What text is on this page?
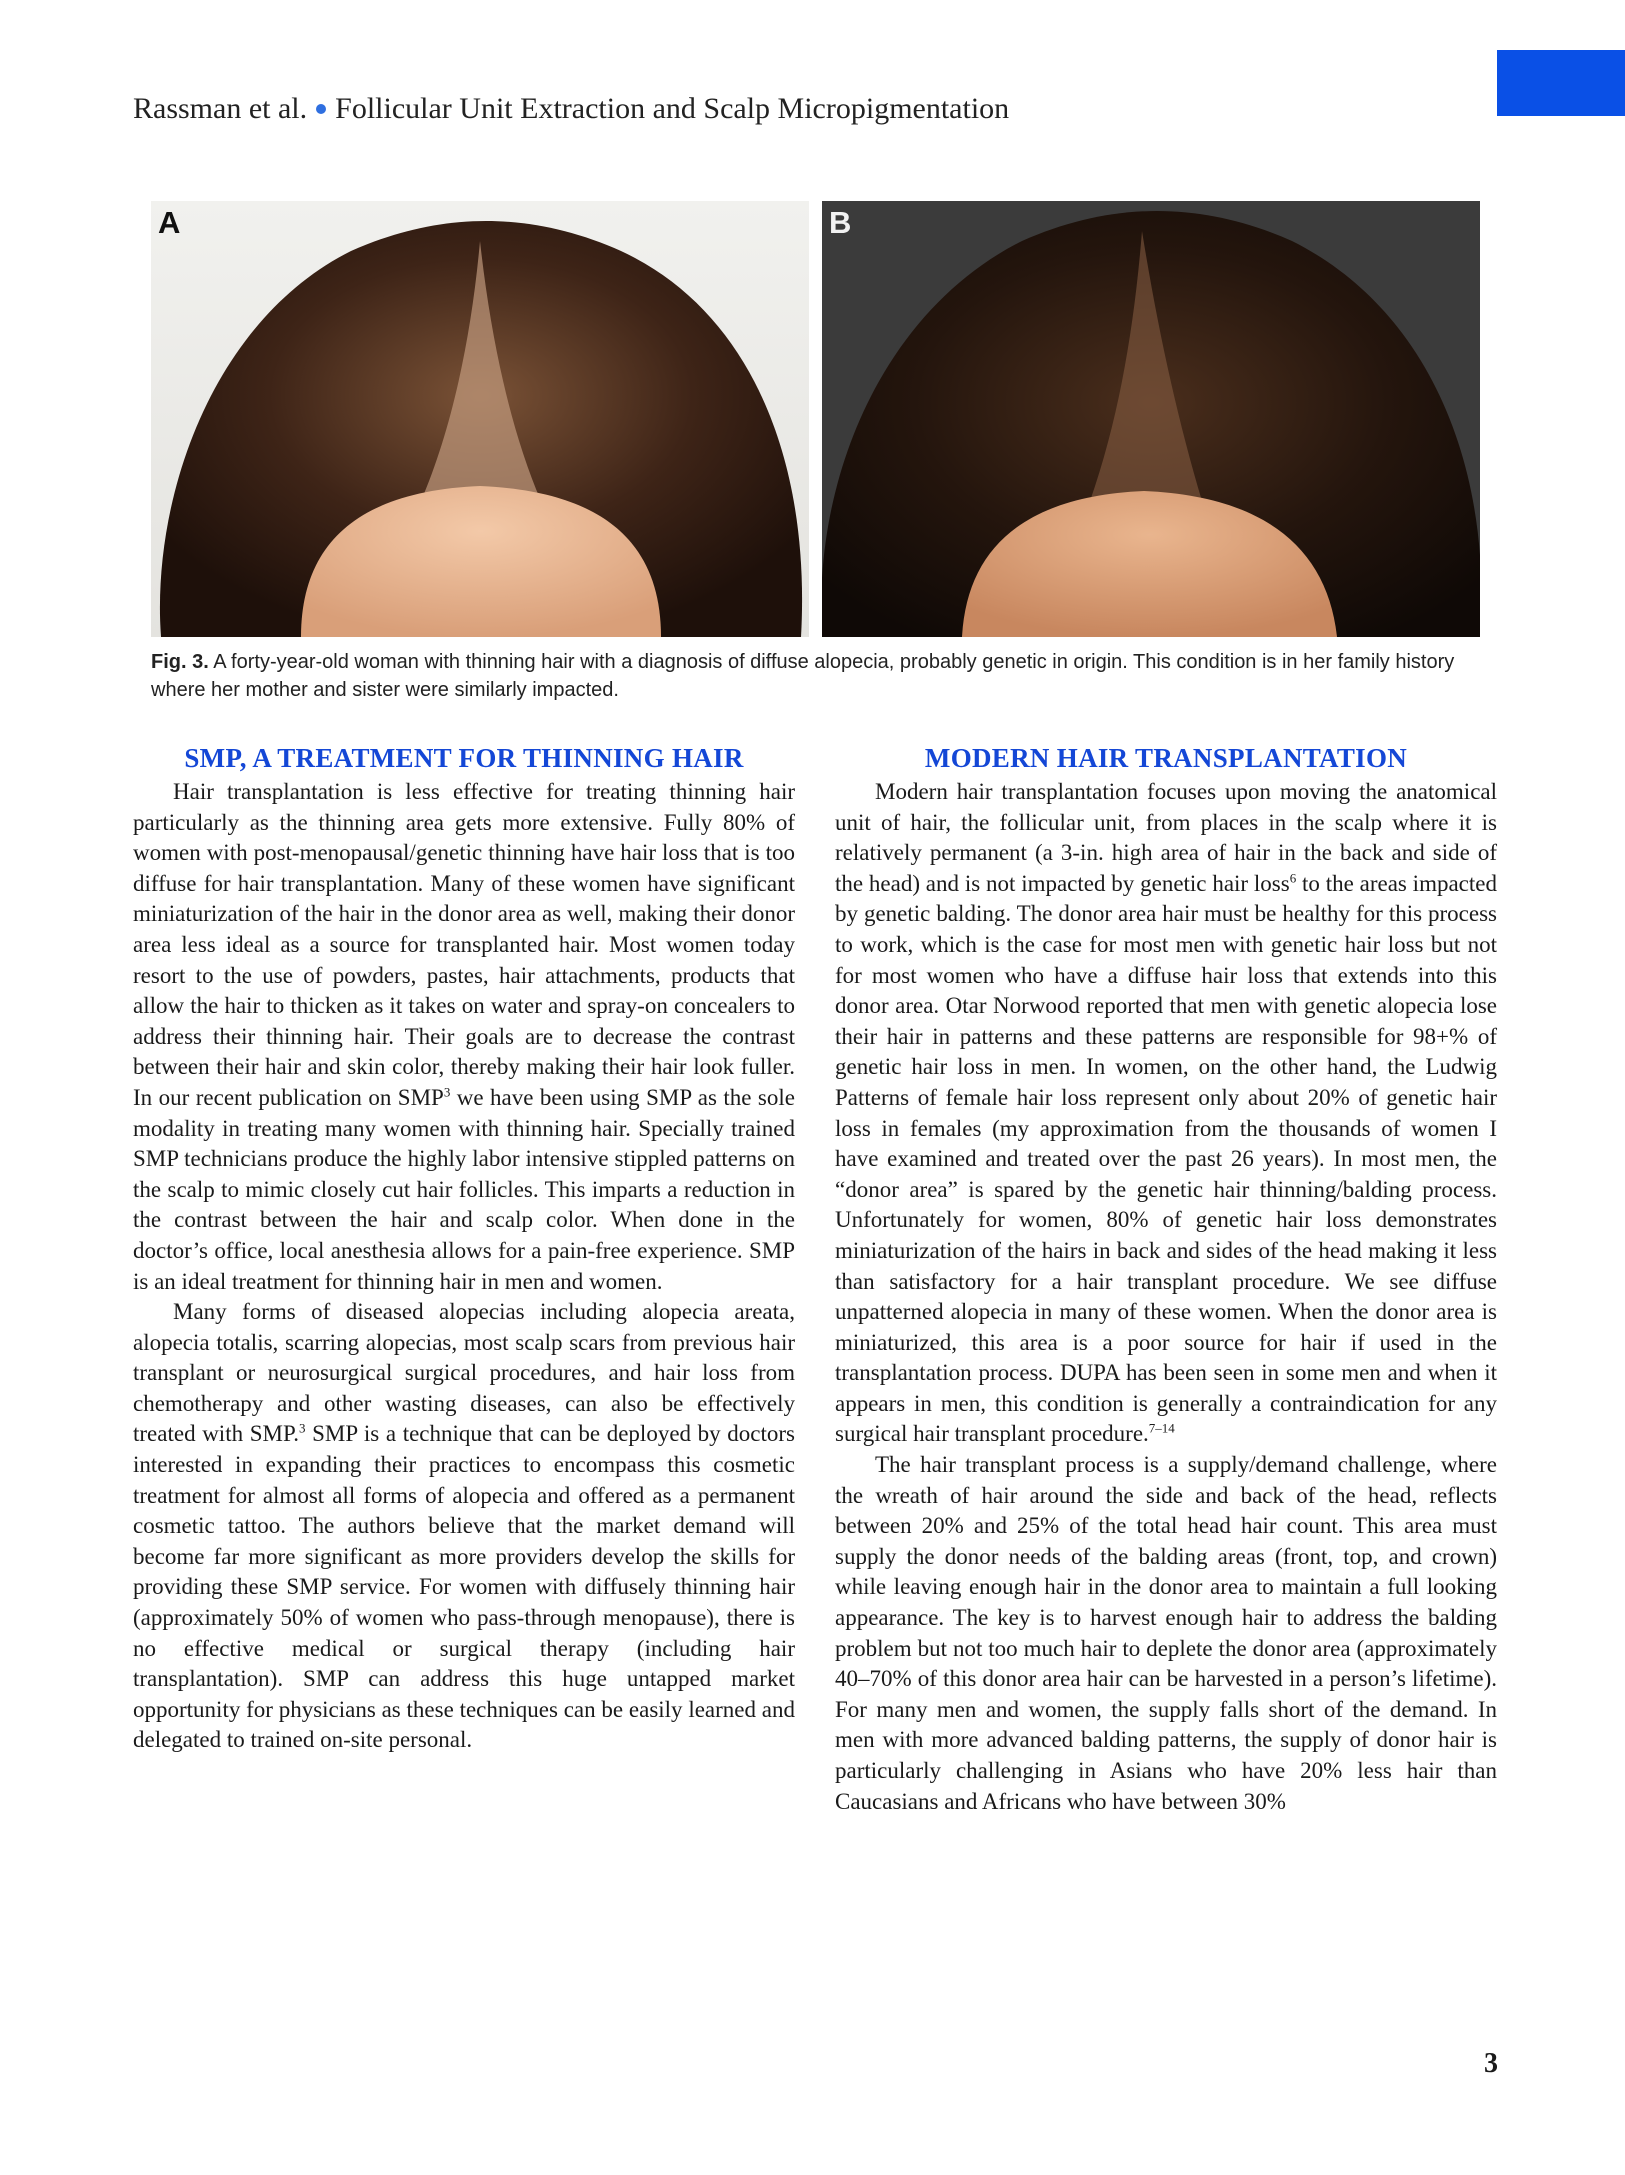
Rassman et al. Follicular Unit Extraction and Scalp Micropigmentation
A	B
Fig. 3. A forty-year-old woman with thinning hair with a diagnosis of diffuse alopecia, probably genetic in origin. This condition is in her family history where her mother and sister were similarly impacted.
SMP, A TREATMENT FOR THINNING HAIR

Hair transplantation is less effective for treating thinning hair particularly as the thinning area gets more extensive. Fully 80% of women with post-menopausal/genetic thinning have hair loss that is too diffuse for hair transplantation. Many of these women have significant miniaturization of the hair in the donor area as well, making their donor area less ideal as a source for transplanted hair. Most women today resort to the use of powders, pastes, hair attachments, products that allow the hair to thicken as it takes on water and spray-on concealers to address their thinning hair. Their goals are to decrease the contrast between their hair and skin color, thereby making their hair look fuller. In our recent publication on SMP$^3$ we have been using SMP as the sole modality in treating many women with thinning hair. Specially trained SMP technicians produce the highly labor intensive stippled patterns on the scalp to mimic closely cut hair follicles. This imparts a reduction in the contrast between the hair and scalp color. When done in the doctor’s office, local anesthesia allows for a pain-free experience. SMP is an ideal treatment for thinning hair in men and women.

Many forms of diseased alopecias including alopecia areata, alopecia totalis, scarring alopecias, most scalp scars from previous hair transplant or neurosurgical surgical procedures, and hair loss from chemotherapy and other wasting diseases, can also be effectively treated with SMP.$^3$ SMP is a technique that can be deployed by doctors interested in expanding their practices to encompass this cosmetic treatment for almost all forms of alopecia and offered as a permanent cosmetic tattoo. The authors believe that the market demand will become far more significant as more providers develop the skills for providing these SMP service. For women with diffusely thinning hair (approximately 50% of women who pass-through menopause), there is no effective medical or surgical therapy (including hair transplantation). SMP can address this huge untapped market opportunity for physicians as these techniques can be easily learned and delegated to trained on-site personal.

MODERN HAIR TRANSPLANTATION

Modern hair transplantation focuses upon moving the anatomical unit of hair, the follicular unit, from places in the scalp where it is relatively permanent (a 3-in. high area of hair in the back and side of the head) and is not impacted by genetic hair loss$^6$ to the areas impacted by genetic balding. The donor area hair must be healthy for this process to work, which is the case for most men with genetic hair loss but not for most women who have a diffuse hair loss that extends into this donor area. Otar Norwood reported that men with genetic alopecia lose their hair in patterns and these patterns are responsible for 98+% of genetic hair loss in men. In women, on the other hand, the Ludwig Patterns of female hair loss represent only about 20% of genetic hair loss in females (my approximation from the thousands of women I have examined and treated over the past 26 years). In most men, the “donor area” is spared by the genetic hair thinning/balding process. Unfortunately for women, 80% of genetic hair loss demonstrates miniaturization of the hairs in back and sides of the head making it less than satisfactory for a hair transplant procedure. We see diffuse unpatterned alopecia in many of these women. When the donor area is miniaturized, this area is a poor source for hair if used in the transplantation process. DUPA has been seen in some men and when it appears in men, this condition is generally a contraindication for any surgical hair transplant procedure.$^{7-14}$

The hair transplant process is a supply/demand challenge, where the wreath of hair around the side and back of the head, reflects between 20% and 25% of the total head hair count. This area must supply the donor needs of the balding areas (front, top, and crown) while leaving enough hair in the donor area to maintain a full looking appearance. The key is to harvest enough hair to address the balding problem but not too much hair to deplete the donor area (approximately 40–70% of this donor area hair can be harvested in a person’s lifetime). For many men and women, the supply falls short of the demand. In men with more advanced balding patterns, the supply of donor hair is particularly challenging in Asians who have 20% less hair than Caucasians and Africans who have between 30%

3
